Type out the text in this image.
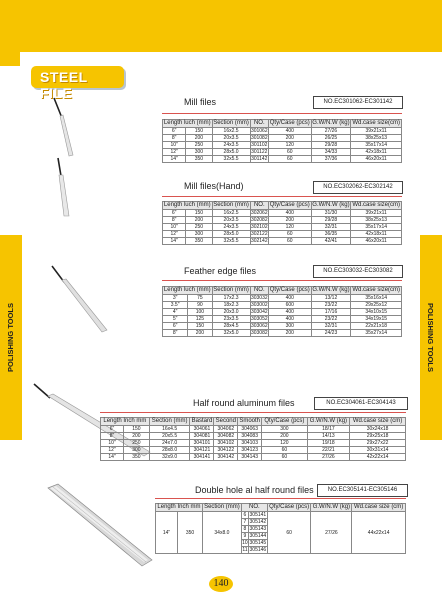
STEEL FILE
POLISHING TOOLS	POLISHING TOOLS
Mill files	NO.EC301062-EC301142
Length luch (mm)		Section (mm)	NO.	Qty/Case (pcs)	G.W/N.W (kg)	Wd.case size(cm)
6"	150	16x2.5	301062	400	27/26	39x21x11
8"	200	20x3.5	301082	200	26/25	38x25x13
10"	250	24x3.5	301102	120	29/28	35x17x14
12"	300	28x5.0	301122	60	34/33	42x18x11
14"	350	32x5.5	301142	60	37/36	46x20x11
Mill files(Hand)	NO.EC302062-EC302142
Length luch (mm)		Section (mm)	NO.	Qty/Case (pcs)	G.W/N.W (kg)	Wd.case size(cm)
6"	150	16x2.5	302062	400	31/30	39x21x11
8"	200	20x3.5	302082	200	29/28	38x25x13
10"	250	24x3.5	302102	120	32/31	35x17x14
12"	300	28x5.0	302122	60	36/35	42x18x11
14"	350	32x5.5	302142	60	42/41	46x20x11
Feather edge files	NO.EC303032-EC303082
Length luch (mm)		Section (mm)	NO.	Qty/Case (pcs)	G.W/N.W (kg)	Wd.case size(cm)
3"	75	17x2.3	303032	400	13/12	35x16x14
3.5"	90	18x2.3	303002	600	23/22	29x25x12
4"	100	20x3.0	303042	400	17/16	34x10x15
5"	125	23x3.5	303052	400	23/22	34x19x15
6"	150	28x4.5	303062	300	32/31	22x21x18
8"	200	32x5.0	303082	200	24/23	35x27x14
Half round aluminum files	NO.EC304061-EC304143
Length Inch mm		Section (mm)	Bastard	Second	Smooth	Qty/Case (pcs)	G.W/N.W (kg)	Wd.case size (cm)
6"	150	16x4.5	304061	304062	304063	300	18/17	30x24x18
8"	200	20x5.5	304081	304082	304083	200	14/13	29x25x18
10"	250	24x7.0	304101	304102	304103	120	19/18	29x27x22
12"	300	28x8.0	304121	304122	304123	60	22/21	30x31x14
14"	350	32x9.0	304141	304142	304143	60	27/26	42x22x14
Double hole al half round files	NO.EC305141-EC305146
Length Inch mm		Section (mm)	NO.		Qty/Case (pcs)	G.W/N.W (kg)	Wd.case size (cm)
14"	350	34x8.0	6	305141	60	27/26	44x22x14
			7	305142			
			8	305143			
			9	305144			
			10	305145			
			11	305146			
140
